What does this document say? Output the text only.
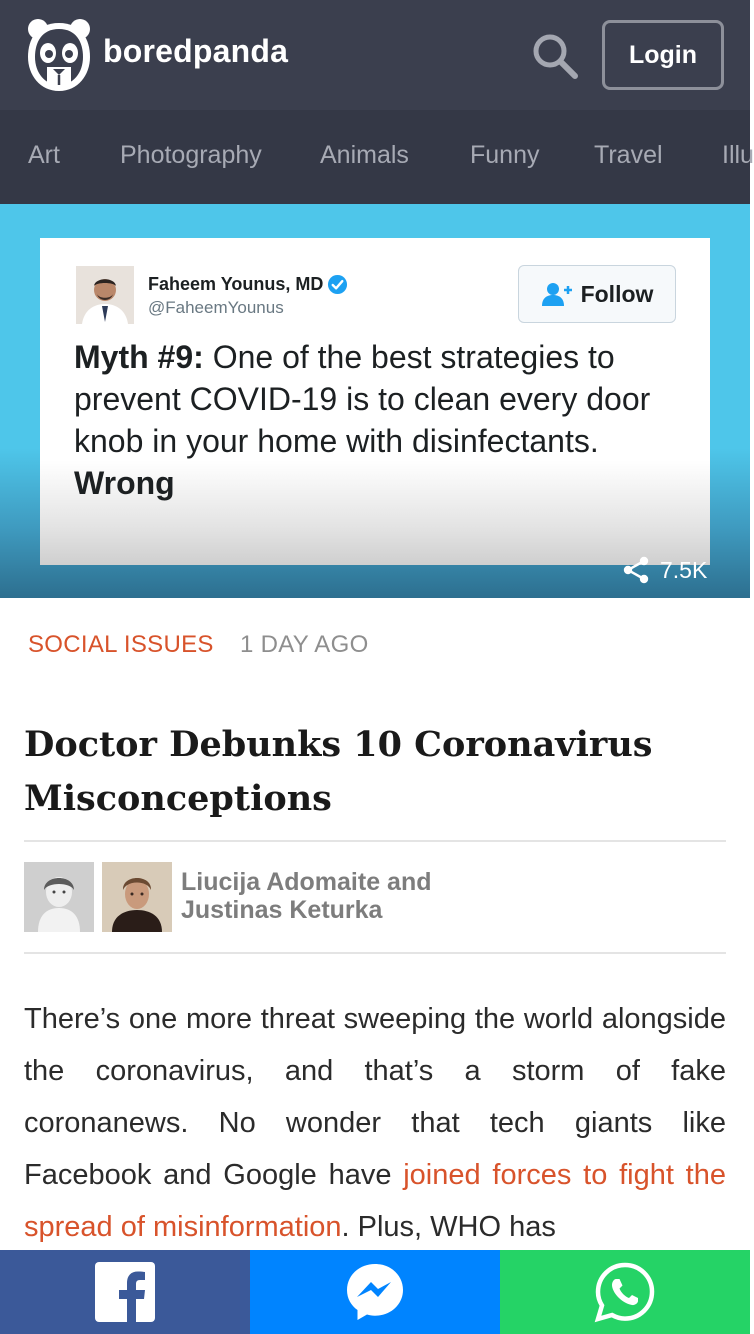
boredpanda	Login
Art Photography Animals Funny Travel Illu
Faheem Younus, MD
@FaheemYounus
Follow
Myth #9: One of the best strategies to prevent COVID-19 is to clean every door knob in your home with disinfectants.
Wrong
7.5K
SOCIAL ISSUES 1 DAY AGO
Doctor Debunks 10 Coronavirus Misconceptions
Liucija Adomaite and
Justinas Keturka

There’s one more threat sweeping the world alongside the coronavirus, and that’s a storm of fake coronanews. No wonder that tech giants like Facebook and Google have joined forces to fight the spread of misinformation. Plus, WHO has
